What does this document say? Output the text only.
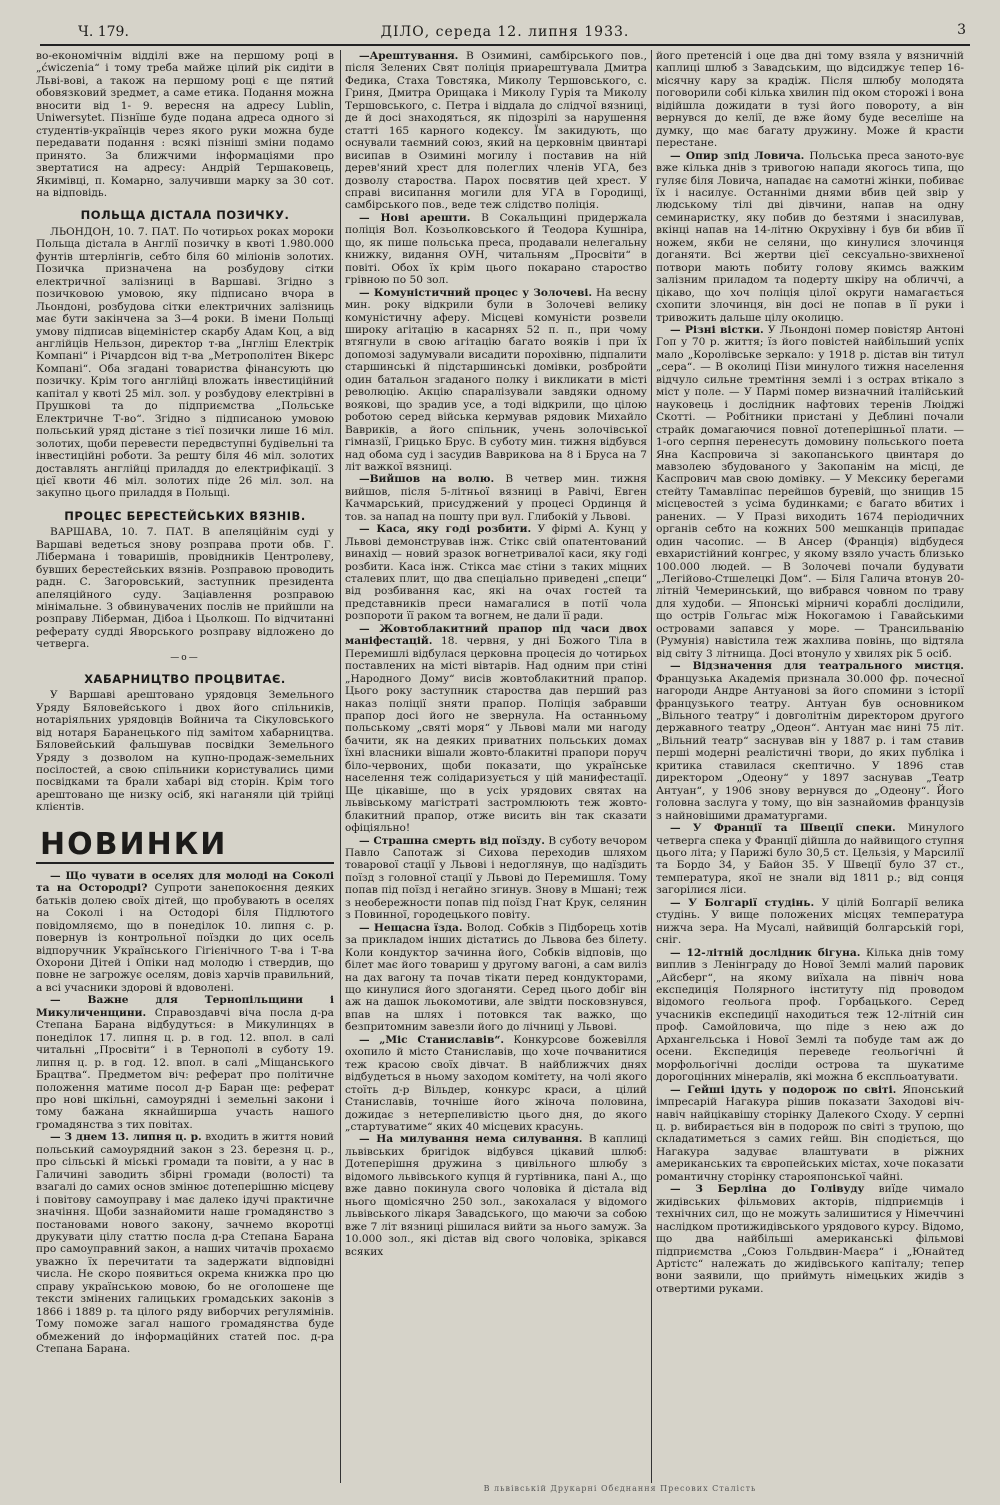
Ч. 179.	ДІЛО, середа 12. липня 1933.	3

во-економічнім відділі вже на першому році в „ćwiczenia“ і тому треба майже цілий рік сидіти в Льві-вові, а також на першому році є ще пятий обовязковий зредмет, а саме етика. Подання можна вносити від 1- 9. вересня на адресу Lublin, Uniwersytet. Пізнїше буде подана адреса одного зі студентів-українців через якого руки можна буде передавати подання : всякі пізніші зміни подамо принято. За ближчими інформаціями про звертатися на адресу: Андрій Тершаковець, Якимівці, п. Комарно, залучивши марку за 30 сот. на відповідь.

ПОЛЬЩА ДІСТАЛА ПОЗИЧКУ.

ЛЬОНДОН, 10. 7. ПАТ. По чотирьох роках мороки Польща дістала в Англії позичку в квоті 1.980.000 фунтів штерлінгів, себто біля 60 міліонів золотих. Позичка призначена на розбудову сітки електричної залізниці в Варшаві. Згідно з позичковою умовою, яку підписано вчора в Льондоні, розбудова сітки електричних залізниць має бути закінчена за 3—4 роки. В імени Польщі умову підписав віцеміністер скарбу Адам Коц, а від англійців Нельзон, директор т-ва „Інгліш Електрік Компані“ і Річардсон від т-ва „Метрополітен Вікерс Компані“. Оба згадані товариства фінансують цю позичку. Крім того англійці вложать інвестиційний капітал у квоті 25 міл. зол. у розбудову електрівні в Прушкові та до підприємства „Польське Електричне Т-во“. Згідно з підписаною умовою польський уряд дістане з тієї позички лише 16 міл. золотих, щоби перевести передвступні будівельні та інвестиційні роботи. За решту біля 46 міл. золотих доставлять англійці приладдя до електрифікації. З цієї квоти 46 міл. золотих піде 26 міл. зол. на закупно цього приладдя в Польщі.

ПРОЦЕС БЕРЕСТЕЙСЬКИХ ВЯЗНІВ.

ВАРШАВА, 10. 7. ПАТ. В апеляційнім суді у Варшаві ведеться знову розправа проти обв. Г. Лібермана і товаришів, провідників Центролеву, бувших берестейських вязнів. Розправою проводить радн. С. Загоровський, заступник президента апеляційного суду. Заціавлення розправою мінімальне. З обвинувачених послів не прийшли на розправу Ліберман, Дібоа і Цьолкош. По відчитанні реферату судді Яворського розправу відложено до четверга.

—o—
ХАБАРНИЦТВО ПРОЦВИТАЄ.

У Варшаві арештовано урядовця Земельного Уряду Бяловейського і двох його спільників, нотаріяльних урядовців Войнича та Сікуловського від нотаря Баранецького під замітом хабарництва. Бяловейський фальшував посвідки Земельного Уряду з дозволом на купно-продаж-земельних посілостей, а свою спільники користувались цими посвідками та брали хабарі від сторін. Крім того арештовано ще низку осіб, які наганяли цій трійці клієнтів.

НОВИНКИ

— Що чувати в оселях для молоді на Соколі та на Остородрі? Супроти занепокоєння деяких батьків долею своїх дітей, що пробувають в оселях на Соколі і на Остодорі біля Підлютого повідомляємо, що в понеділок 10. липня с. р. повернув із контрольної поїздки до цих осель відпоручник Українського Гігієнічного Т-ва і Т-ва Охорони Дітей і Опіки над молодю і ствердив, що повне не загрожує оселям, довіз харчів правильний, а всі учасники здорові й вдоволені.

— Важне для Тернопільщини і Микуличенщини. Справоздавчі віча посла д-ра Степана Барана відбудуться: в Микулинцях в понеділок 17. липня ц. р. в год. 12. впол. в салі читальні „Просвіти“ і в Тернополі в суботу 19. липня ц. р. в год. 12. впол. в салі „Міщанського Брацтва“. Предметом віч: реферат про політичне положення матиме посол д-р Баран ще: реферат про нові шкільні, самоурядні і земельні закони і тому бажана якнайширша участь нашого громадянства з тих повітах.

— З днем 13. липня ц. р. входить в життя новий польський самоурядний закон з 23. березня ц. р., про сільські й міські громади та повіти, а у нас в Галичині заводить збірні громади (волості) та взагалі до самих основ змінює дотеперішню місцеву і повітову самоуправу і має далеко ідучі практичне значіння. Щоби зазнайомити наше громадянство з постановами нового закону, зачнемо вкоротці друкувати цілу статтю посла д-ра Степана Барана про самоуправний закон, а наших читачів прохаємо уважно їх перечитати та задержати відповідні числа. Не скоро появиться окрема книжка про цю справу українською мовою, бо не оголошене ще тексти змінених галицьких громадських законів з 1866 і 1889 р. та цілого ряду виборчих регулямінів. Тому поможе загал нашого громадянства буде обмежений до інформаційних статей пос. д-ра Степана Барана.

—Арештування. В Озимині, самбірського пов., після Зелених Свят поліція приарештувала Дмитра Федика, Стаха Товстяка, Миколу Тершовського, с. Гриня, Дмитра Орищака і Миколу Гурія та Миколу Тершовського, с. Петра і віддала до слідчої вязниці, де й досі знаходяться, як підозрілі за нарушення статті 165 карного кодексу. Їм закидують, що оснували таємний союз, який на церковнім цвинтарі висипав в Озимині могилу і поставив на ній дерев'яний хрест для полеглих членів УГА, без дозволу староства. Парох посвятив цей хрест. У справі висипання могили для УГА в Городищі, самбірського пов., веде теж слідство поліція.

— Нові арешти. В Сокальщині придержала поліція Вол. Козьолковського й Теодора Кушніра, що, як пише польська преса, продавали нелегальну книжку, видання ОУН, читальням „Просвіти“ в повіті. Обох їх крім цього покарано староство грівною по 50 зол.

— Комуністичний процес у Золочеві. На весну мин. року відкрили були в Золочеві велику комуністичну аферу. Місцеві комуністи розвели широку агітацію в касарнях 52 п. п., при чому втягнули в свою агітацію багато вояків і при їх допомозі задумували висадити порохівню, підпалити старшинські й підстаршинські домівки, розбройти один батальон згаданого полку і викликати в місті революцію. Акцію спаралізували завдяки одному воякові, що зрадив усе, а тоді відкрили, що цілою роботою серед війська кермував рядовик Михайло Вавриків, а його спільник, учень золочівської гімназії, Грицько Брус. В суботу мин. тижня відбувся над обома суд і засудив Ваврикова на 8 і Бруса на 7 літ важкої вязниці.

—Вийшов на волю. В четвер мин. тижня вийшов, після 5-літньої вязниці в Равічі, Евген Качмарський, присуджений у процесі Ординця й тов. за напад на пошту при вул. Глибокій у Львові.

— Каса, яку годі розбити. У фірмі А. Кунц у Львові демонстрував інж. Стікс свій опатентований винахід — новий зразок вогнетривалої каси, яку годі розбити. Каса інж. Стікса має стіни з таких міцних сталевих плит, що два спеціально приведені „специ“ від розбивання кас, які на очах гостей та представників преси намагалися в потії чола розпороти її раком та вогнем, не дали її ради.

— Жовтоблакитний прапор під часи двох маніфестацій. 18. червня, у дні Божого Тіла в Перемишлі відбулася церковна процесія до чотирьох поставлених на місті вівтарів. Над одним при стіні „Народного Дому“ висів жовтоблакитний прапор. Цього року заступник староства дав перший раз наказ поліції зняти прапор. Поліція забравши прапор досі його не звернула. На останньому польському „святі моря“ у Львові мали ми нагоду бачити, як на деяких приватних польських домах їхні власники вішали жовто-блакитні прапори поруч біло-червоних, щоби показати, що українське населення теж солідаризується у цій манифестації. Ще цікавіше, що в усіх урядових святах на львівському магістраті застромлюють теж жовто-блакитний прапор, отже висить він так сказати офіціяльно!

— Страшна смерть від поїзду. В суботу вечором Павло Сапотаж зі Сихова переходив шляхом товарової стації у Львові і недоглянув, що надїздить поїзд з головної стації у Львові до Перемишля. Тому попав під поїзд і негайно згинув. Знову в Мшані; теж з необережности попав під поїзд Гнат Крук, селянин з Повинної, городецького повіту.

— Нещасна їзда. Волод. Собків з Підборець хотів за прикладом інших дістатись до Львова без білету. Коли кондуктор зачинна його, Собків відповів, що білет має його товариш у другому вагоні, а сам виліз на дах вагону та почав тікати перед кондукторами, що кинулися його здоганяти. Серед цього добіг він аж на дашок льокомотиви, але звідти посковзнувся, впав на шлях і потовкся так важко, що безпритомним завезли його до лічниці у Львові.

— „Міс Станиславів“. Конкурсове божевілля охопило й місто Станиславів, що хоче почванитися теж красою своїх дівчат. В найближчих днях відбудеться в ньому заходом комітету, на чолі якого стоїть д-р Вільдер, конкурс краси, а цілий Станиславів, точніше його жіноча половина, дожидає з нетерпеливістю цього дня, до якого „стартуватиме“ яких 40 місцевих красунь.

— На милування нема силування. В каплиці львівських бригідок відбувся цікавий шлюб: Дотеперішня дружина з цивільного шлюбу з відомого львівського купця й гуртівника, пані А., що вже давно покинула свого чоловіка й дістала від нього щомісячно 250 зол., закохалася у відомого львівського лікаря Завадського, що маючи за собою вже 7 літ вязниці рішилася вийти за нього замуж. За 10.000 зол., які дістав від свого чоловіка, зрікався всяких

його претенсій і оце два дні тому взяла у вязничній каплиці шлюб з Завадським, що відсиджує тепер 16-місячну кару за крадіж. Після шлюбу молодята поговорили собі кілька хвилин під оком сторожі і вона відійшла дожидати в тузі його повороту, а він вернувся до келії, де вже йому буде веселіше на думку, що має багату дружину. Може й красти перестане.

— Опир зпід Ловича. Польська преса заното-вує вже кілька днів з тривогою напади якогось типа, що гуляє біля Ловича, нападає на самотні жінки, побиває їх і насилує. Останніми днями вбив цей звір у людському тілі дві дівчини, напав на одну семинаристку, яку побив до безтями і знасилував, вкінці напав на 14-літню Окрухівну і був би вбив її ножем, якби не селяни, що кинулися злочинця доганяти. Всі жертви цієї сексуально-звихненої потвори мають побиту голову якимсь важким залізним приладом та подерту шкіру на обличчі, а цікаво, що хоч поліція цілої округи намагається схопити злочинця, він досі не попав в її руки і тривожить дальше цілу околицю.

— Різні вістки. У Льондоні помер повістяр Антоні Гоп у 70 р. життя; їз його повістей найбільший успіх мало „Королівське зеркало: у 1918 р. дістав він титул „сера“. — В околиці Пізи минулого тижня населення відчуло сильне тремтіння землі і з острах втікало з міст у поле. — У Пармі помер визначний італійський науковець і дослідник нафтових теренів Люіджі Скотті. — Робітники пристані у Деблині почали страйк домагаючися повної дотеперішньої плати. — 1-ого серпня перенесуть домовину польського поета Яна Каспровича зі закопанського цвинтаря до мавзолею збудованого у Закопанім на місці, де Каспрович мав свою домівку. — У Мексику берегами стейту Тамавліпас перейшов буревій, що знищив 15 місцевостей з усіма будинками; є багато вбитих і ранених. — У Празі виходить 1674 періодичних органів себто на кожних 500 мешканців припадає один часопис. — В Ансер (Франція) відбудеся евхаристійний конгрес, у якому взяло участь близько 100.000 людей. — В Золочеві почали будувати „Легійово-Стшелецкі Дом“. — Біля Галича втонув 20-літній Чемеринський, що вибрався човном по траву для худоби. — Японські мірничі кораблі дослідили, що острів Гольгас між Нокогамою і Гавайськими островами запався у море. — Трансильванію (Румунія) навістила теж жахлива повінь, що відтяла від світу 3 літнища. Досі втонуло у хвилях рік 5 осіб.

— Відзначення для театрального мистця. Французька Академія признала 30.000 фр. почесної нагороди Андре Антуанові за його спомини з історії французького театру. Антуан був основником „Вільного театру“ і довголітнім директором другого державного театру „Одеон“. Антуан має нині 75 літ. „Вільний театр“ заснував він у 1887 р. і там ставив перші модерні реалістичні твори, до яких публіка і критика ставилася скептично. У 1896 став директором „Одеону“ у 1897 заснував „Театр Антуан“, у 1906 знову вернувся до „Одеону“. Його головна заслуга у тому, що він зазнайомив французів з найновішими драматургами.

— У Франції та Швеції спеки. Минулого четверга спека у Франції дійшла до найвищого ступня цього літа; у Парижі було 30,5 ст. Цельзія, у Марсилії та Бордо 34, у Байон 35. У Швеції було 37 ст., температура, якої не знали від 1811 р.; від сонця загорілися ліси.

— У Болгарії студінь. У цілій Болгарії велика студінь. У вище положених місцях температура нижча зера. На Мусалі, найвищій болгарській горі, сніг.

— 12-літній дослідник бігуна. Кілька днів тому виплив з Ленінграду до Нової Землі малий паровик „Айсберг“, на якому виїхала на північ нова експедиція Полярного інституту під проводом відомого геольога проф. Горбацького. Серед учасників експедиції находиться теж 12-літній син проф. Самойловича, що піде з нею аж до Архангельська і Нової Землі та побуде там аж до осени. Експедиція переведе геольогічні й морфольогічні досліди острова та шукатиме дорогоцінних мінералів, які можна б експльоатувати.

— Гейші ідуть у подорож по світі. Японський імпресарій Нагакура рішив показати Заходові віч-навіч найцікавішу сторінку Далекого Сходу. У серпні ц. р. вибирається він в подорож по світі з трупою, що складатиметься з самих гейш. Він сподіється, що Нагакура задуває влаштувати в ріжних американських та європейських містах, хоче показати романтичну сторінку старояпонської чайні.

— З Берліна до Голівуду виїде чимало жидівських фільмових акторів, підприємців і технічних сил, що не можуть залишитися у Німеччині наслідком протижидівського урядового курсу. Відомо, що два найбільші американські фільмові підприємства „Союз Гольдвин-Маєра“ і „Юнайтед Артістс“ належать до жидівського капіталу; тепер вони заявили, що приймуть німецьких жидів з отвертими руками.

В львівській Друкарні Обєднання Пресових Сталість
